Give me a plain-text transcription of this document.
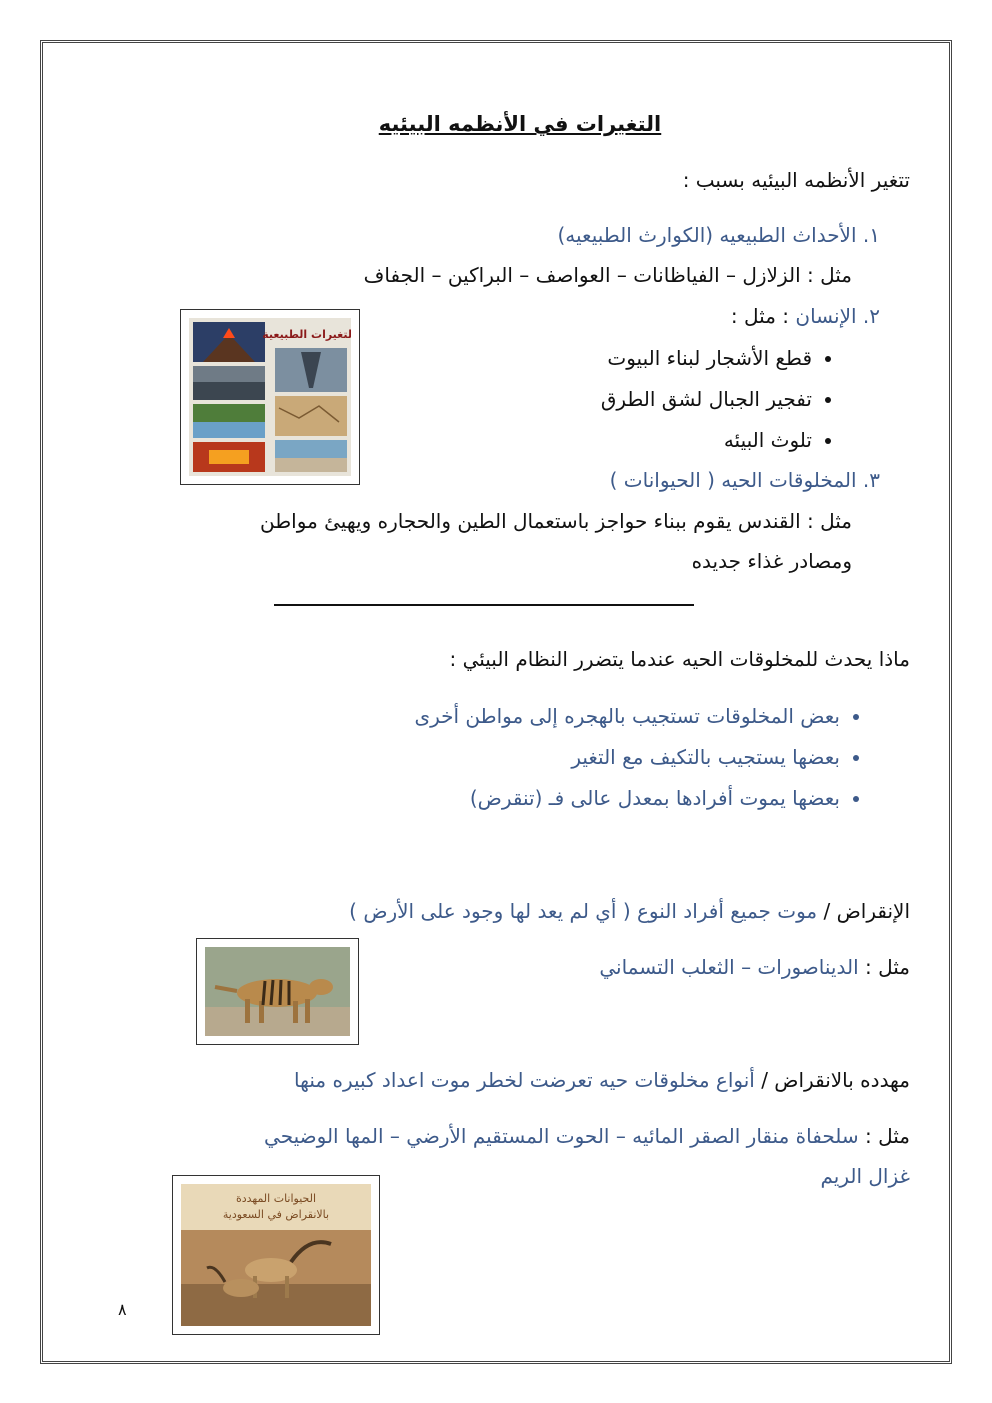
التغيرات في الأنظمه البيئيه
تتغير الأنظمه البيئيه بسبب :
١. الأحداث الطبيعيه (الكوارث الطبيعيه)
مثل : الزلازل – الفياظانات – العواصف – البراكين – الجفاف
٢. الإنسان : مثل :
• قطع الأشجار لبناء البيوت
• تفجير الجبال لشق الطرق
• تلوث البيئه
٣. المخلوقات الحيه ( الحيوانات )
مثل : القندس يقوم ببناء حواجز باستعمال الطين والحجاره ويهيئ مواطن
ومصادر غذاء جديده
ماذا يحدث للمخلوقات الحيه عندما يتضرر النظام البيئي :
• بعض المخلوقات تستجيب بالهجره إلى مواطن أخرى
• بعضها يستجيب بالتكيف مع التغير
• بعضها يموت أفرادها بمعدل عالى فـ (تنقرض)
الإنقراض / موت جميع أفراد النوع ( أي لم يعد لها وجود على الأرض )
مثل : الديناصورات – الثعلب التسماني
مهدده بالانقراض / أنواع مخلوقات حيه تعرضت لخطر موت اعداد كبيره منها
مثل : سلحفاة منقار الصقر المائيه – الحوت المستقيم الأرضي – المها الوضيحي
غزال الريم
التغيرات الطبيعية
الحيوانات المهددة
بالانقراض في السعودية
٨
